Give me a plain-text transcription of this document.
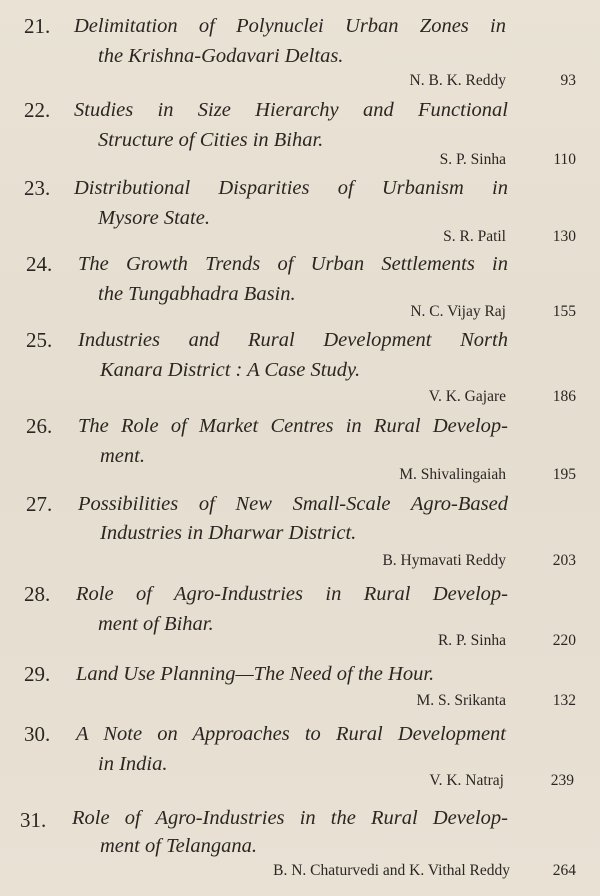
21. Delimitation of Polynuclei Urban Zones in
the Krishna-Godavari Deltas.
N. B. K. Reddy	93
22. Studies in Size Hierarchy and Functional
Structure of Cities in Bihar.
S. P. Sinha	110
23. Distributional Disparities of Urbanism in
Mysore State.
S. R. Patil	130
24. The Growth Trends of Urban Settlements in
the Tungabhadra Basin.
N. C. Vijay Raj	155
25. Industries and Rural Development North
Kanara District : A Case Study.
V. K. Gajare	186
26. The Role of Market Centres in Rural Develop-
ment.
M. Shivalingaiah	195
27. Possibilities of New Small-Scale Agro-Based
Industries in Dharwar District.
B. Hymavati Reddy	203
28. Role of Agro-Industries in Rural Develop-
ment of Bihar.
R. P. Sinha	220
29. Land Use Planning—The Need of the Hour.
M. S. Srikanta	132
30. A Note on Approaches to Rural Development
in India.
V. K. Natraj	239
31. Role of Agro-Industries in the Rural Develop-
ment of Telangana.
B. N. Chaturvedi and K. Vithal Reddy	264
